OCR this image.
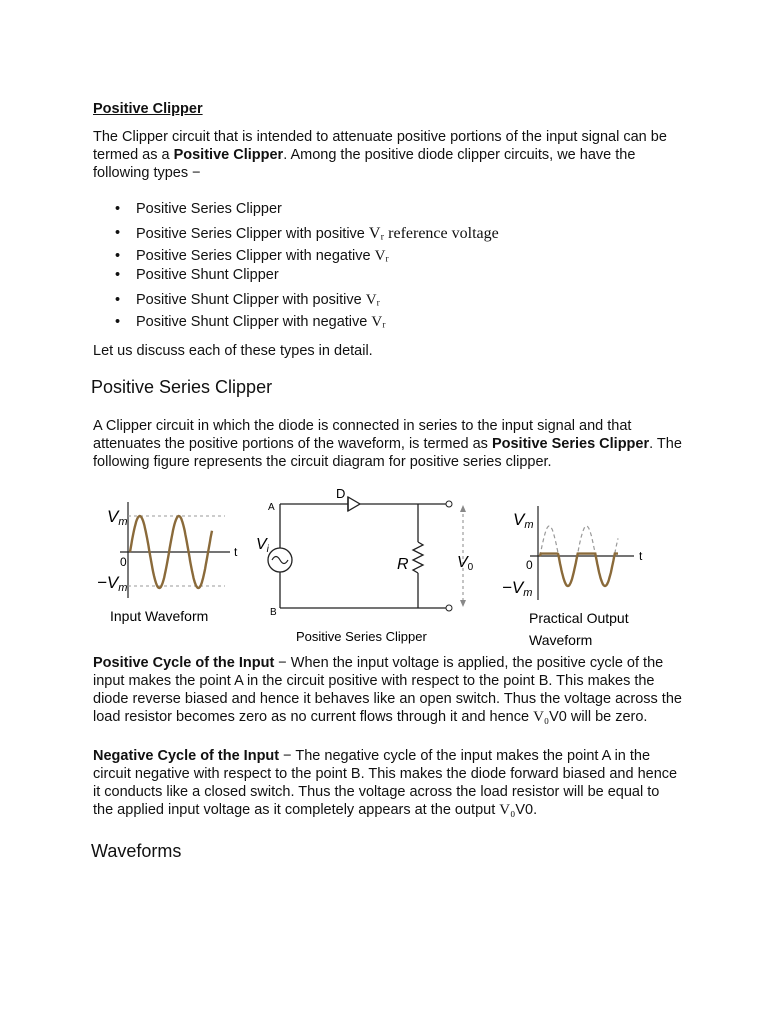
Positive Clipper

The Clipper circuit that is intended to attenuate positive portions of the input signal can be termed as a Positive Clipper. Among the positive diode clipper circuits, we have the following types −

• Positive Series Clipper
• Positive Series Clipper with positive Vᵣ reference voltage
• Positive Series Clipper with negative Vᵣ
• Positive Shunt Clipper
• Positive Shunt Clipper with positive Vᵣ
• Positive Shunt Clipper with negative Vᵣ

Let us discuss each of these types in detail.

Positive Series Clipper

A Clipper circuit in which the diode is connected in series to the input signal and that attenuates the positive portions of the waveform, is termed as Positive Series Clipper. The following figure represents the circuit diagram for positive series clipper.

Vm
0
−Vm
t
Input Waveform
D
A
B
Vi
R	V0
Positive Series Clipper
Vm
0
−Vm
t
Practical Output
Waveform

Positive Cycle of the Input − When the input voltage is applied, the positive cycle of the input makes the point A in the circuit positive with respect to the point B. This makes the diode reverse biased and hence it behaves like an open switch. Thus the voltage across the load resistor becomes zero as no current flows through it and hence V₀V0 will be zero.

Negative Cycle of the Input − The negative cycle of the input makes the point A in the circuit negative with respect to the point B. This makes the diode forward biased and hence it conducts like a closed switch. Thus the voltage across the load resistor will be equal to the applied input voltage as it completely appears at the output V₀V0.

Waveforms
